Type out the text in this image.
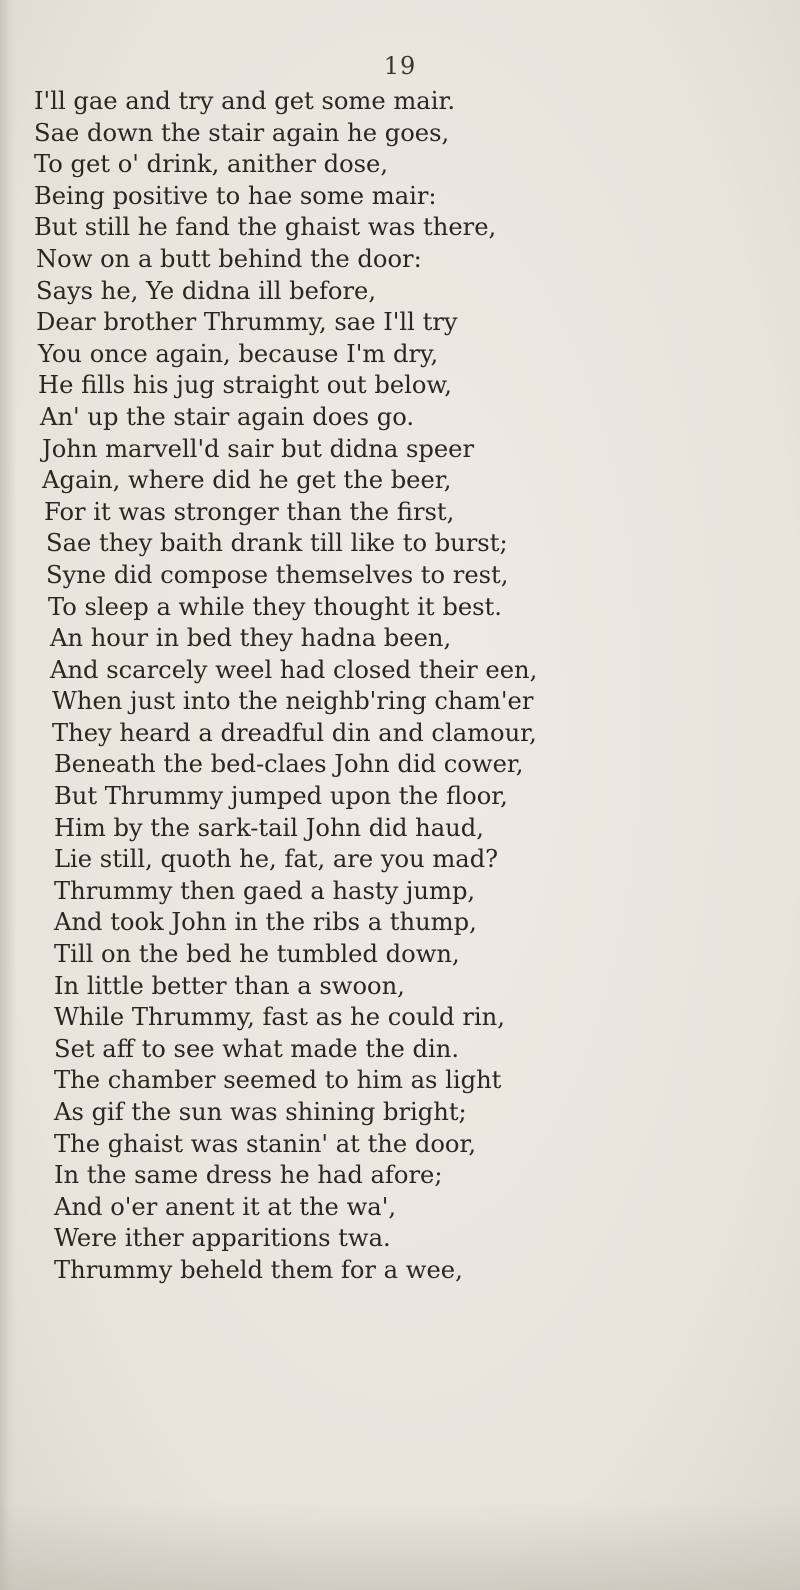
19
I'll gae and try and get some mair.
Sae down the stair again he goes,
To get o' drink, anither dose,
Being positive to hae some mair:
But still he fand the ghaist was there,
Now on a butt behind the door:
Says he, Ye didna ill before,
Dear brother Thrummy, sae I'll try
You once again, because I'm dry,
He fills his jug straight out below,
An' up the stair again does go.
John marvell'd sair but didna speer
Again, where did he get the beer,
For it was stronger than the first,
Sae they baith drank till like to burst;
Syne did compose themselves to rest,
To sleep a while they thought it best.
An hour in bed they hadna been,
And scarcely weel had closed their een,
When just into the neighb'ring cham'er
They heard a dreadful din and clamour,
Beneath the bed-claes John did cower,
But Thrummy jumped upon the floor,
Him by the sark-tail John did haud,
Lie still, quoth he, fat, are you mad?
Thrummy then gaed a hasty jump,
And took John in the ribs a thump,
Till on the bed he tumbled down,
In little better than a swoon,
While Thrummy, fast as he could rin,
Set aff to see what made the din.
The chamber seemed to him as light
As gif the sun was shining bright;
The ghaist was stanin' at the door,
In the same dress he had afore;
And o'er anent it at the wa',
Were ither apparitions twa.
Thrummy beheld them for a wee,
